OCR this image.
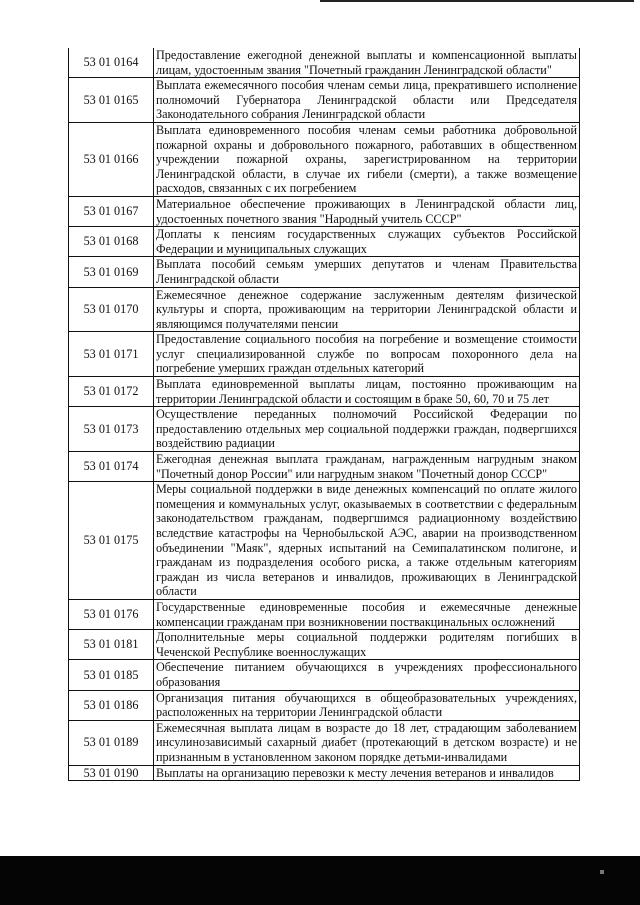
53 01 0164	Предоставление ежегодной денежной выплаты и компенсационной выплаты лицам, удостоенным звания "Почетный гражданин Ленинградской области"
53 01 0165	Выплата ежемесячного пособия членам семьи лица, прекратившего исполнение полномочий Губернатора Ленинградской области или Председателя Законодательного собрания Ленинградской области
53 01 0166	Выплата единовременного пособия членам семьи работника добровольной пожарной охраны и добровольного пожарного, работавших в общественном учреждении пожарной охраны, зарегистрированном на территории Ленинградской области, в случае их гибели (смерти), а также возмещение расходов, связанных с их погребением
53 01 0167	Материальное обеспечение проживающих в Ленинградской области лиц, удостоенных почетного звания "Народный учитель СССР"
53 01 0168	Доплаты к пенсиям государственных служащих субъектов Российской Федерации и муниципальных служащих
53 01 0169	Выплата пособий семьям умерших депутатов и членам Правительства Ленинградской области
53 01 0170	Ежемесячное денежное содержание заслуженным деятелям физической культуры и спорта, проживающим на территории Ленинградской области и являющимся получателями пенсии
53 01 0171	Предоставление социального пособия на погребение и возмещение стоимости услуг специализированной службе по вопросам похоронного дела на погребение умерших граждан отдельных категорий
53 01 0172	Выплата единовременной выплаты лицам, постоянно проживающим на территории Ленинградской области и состоящим в браке 50, 60, 70 и 75 лет
53 01 0173	Осуществление переданных полномочий Российской Федерации по предоставлению отдельных мер социальной поддержки граждан, подвергшихся воздействию радиации
53 01 0174	Ежегодная денежная выплата гражданам, награжденным нагрудным знаком "Почетный донор России" или нагрудным знаком "Почетный донор СССР"
53 01 0175	Меры социальной поддержки в виде денежных компенсаций по оплате жилого помещения и коммунальных услуг, оказываемых в соответствии с федеральным законодательством гражданам, подвергшимся радиационному воздействию вследствие катастрофы на Чернобыльской АЭС, аварии на производственном объединении "Маяк", ядерных испытаний на Семипалатинском полигоне, и гражданам из подразделения особого риска, а также отдельным категориям граждан из числа ветеранов и инвалидов, проживающих в Ленинградской области
53 01 0176	Государственные единовременные пособия и ежемесячные денежные компенсации гражданам при возникновении поствакцинальных осложнений
53 01 0181	Дополнительные меры социальной поддержки родителям погибших в Чеченской Республике военнослужащих
53 01 0185	Обеспечение питанием обучающихся в учреждениях профессионального образования
53 01 0186	Организация питания обучающихся в общеобразовательных учреждениях, расположенных на территории Ленинградской области
53 01 0189	Ежемесячная выплата лицам в возрасте до 18 лет, страдающим заболеванием инсулинозависимый сахарный диабет (протекающий в детском возрасте) и не признанным в установленном законом порядке детьми-инвалидами
53 01 0190	Выплаты на организацию перевозки к месту лечения ветеранов и инвалидов
